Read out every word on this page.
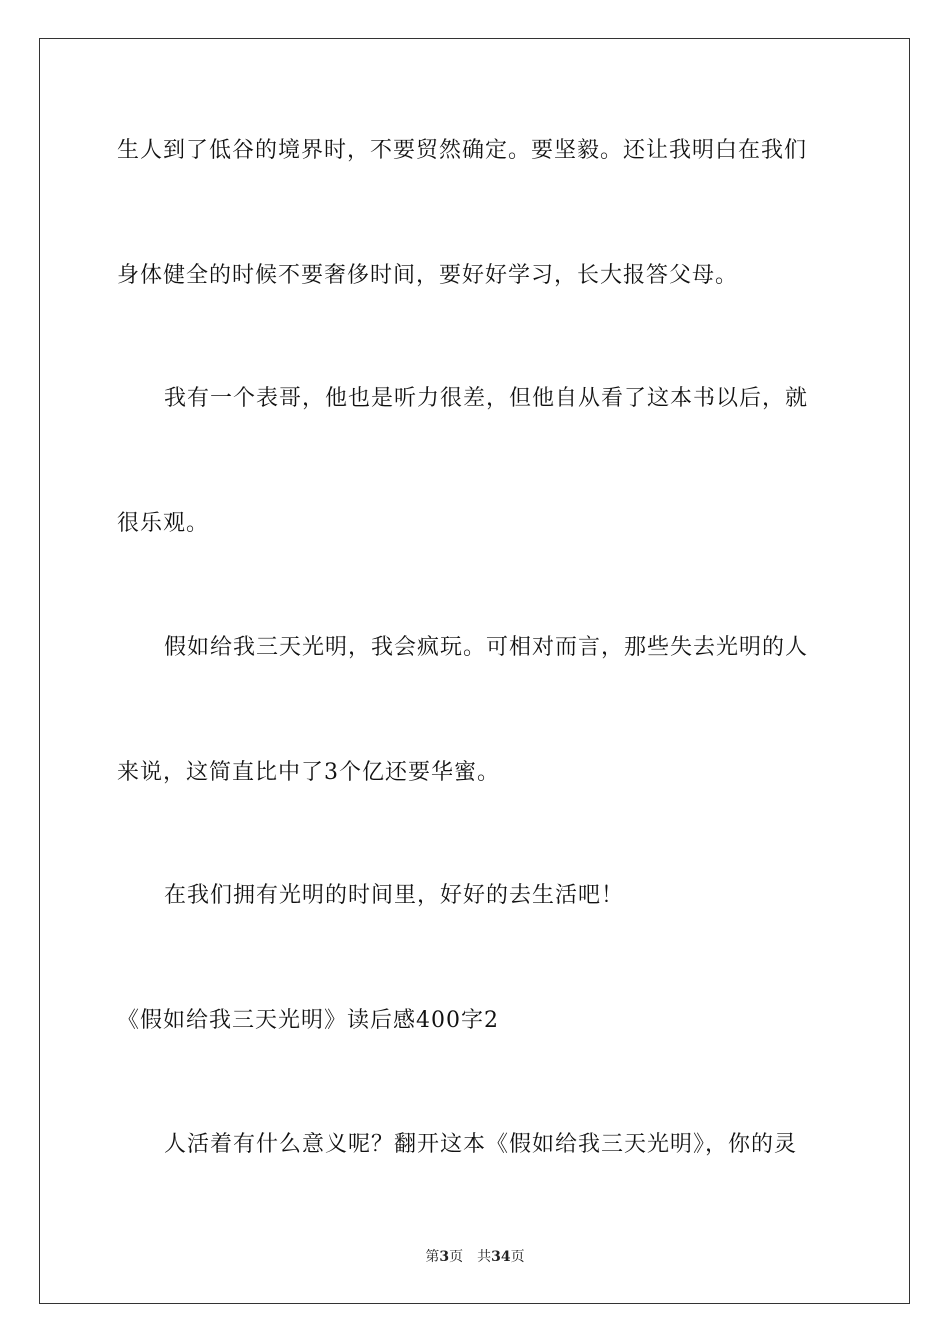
生人到了低谷的境界时，不要贸然确定。要坚毅。还让我明白在我们
身体健全的时候不要奢侈时间，要好好学习，长大报答父母。
我有一个表哥，他也是听力很差，但他自从看了这本书以后，就
很乐观。
假如给我三天光明，我会疯玩。可相对而言，那些失去光明的人
来说，这简直比中了3个亿还要华蜜。
在我们拥有光明的时间里，好好的去生活吧！
《假如给我三天光明》读后感400字2
人活着有什么意义呢？翻开这本《假如给我三天光明》，你的灵
第3页 共34页
